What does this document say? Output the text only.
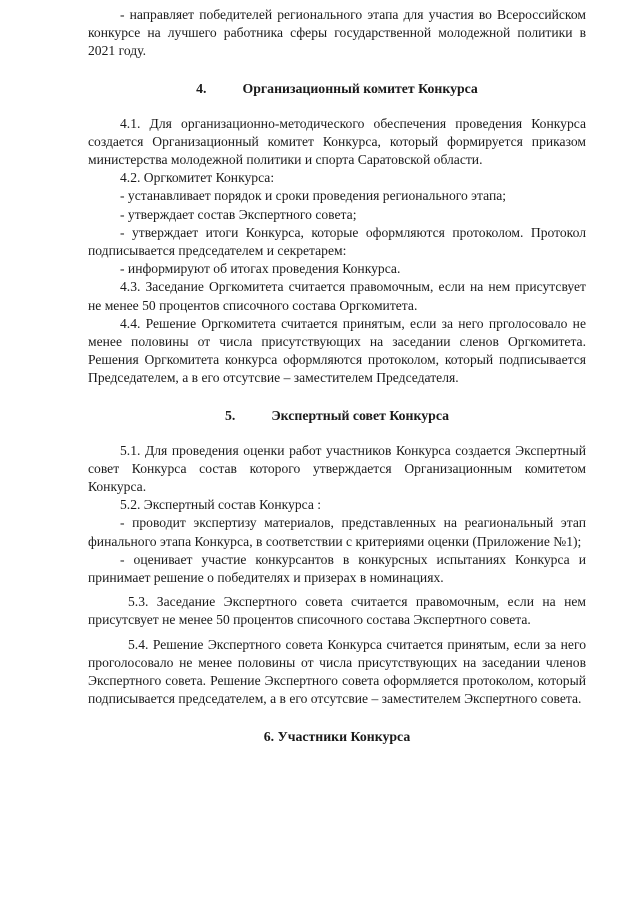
- направляет победителей регионального этапа для участия во Всероссийском конкурсе на лучшего работника сферы государственной молодежной политики в 2021 году.

4.	Организационный комитет Конкурса

4.1. Для организационно-методического обеспечения проведения Конкурса создается Организационный комитет Конкурса, который формируется приказом министерства молодежной политики и спорта Саратовской области.

4.2. Оргкомитет Конкурса:

- устанавливает порядок и сроки проведения регионального этапа;

- утверждает состав Экспертного совета;

- утверждает итоги Конкурса, которые оформляются протоколом. Протокол подписывается председателем и секретарем:

- информируют об итогах проведения Конкурса.

4.3. Заседание Оргкомитета считается правомочным, если на нем присутсвует не менее 50 процентов списочного состава Оргкомитета.

4.4. Решение Оргкомитета считается принятым, если за него прголосовало не менее половины от числа присутствующих на заседании сленов Оргкомитета. Решения Оргкомитета конкурса оформляются протоколом, который подписывается Председателем, а в его отсутсвие – заместителем Председателя.

5.	Экспертный совет Конкурса

5.1. Для проведения оценки работ участников Конкурса создается Экспертный совет Конкурса состав которого утверждается Организационным комитетом Конкурса.

5.2. Экспертный состав Конкурса :

- проводит экспертизу материалов, представленных на реагиональный этап финального этапа Конкурса, в соответствии с критериями оценки (Приложение №1);

- оценивает участие конкурсантов в конкурсных испытаниях Конкурса и принимает решение о победителях и призерах в номинациях.

5.3. Заседание Экспертного совета считается правомочным, если на нем присутсвует не менее 50 процентов списочного состава Экспертного совета.

5.4. Решение Экспертного совета Конкурса считается принятым, если за него проголосовало не менее половины от числа присутствующих на заседании членов Экспертного совета. Решение Экспертного совета оформляется протоколом, который подписывается председателем, а в его отсутсвие – заместителем Экспертного совета.

6. Участники Конкурса
